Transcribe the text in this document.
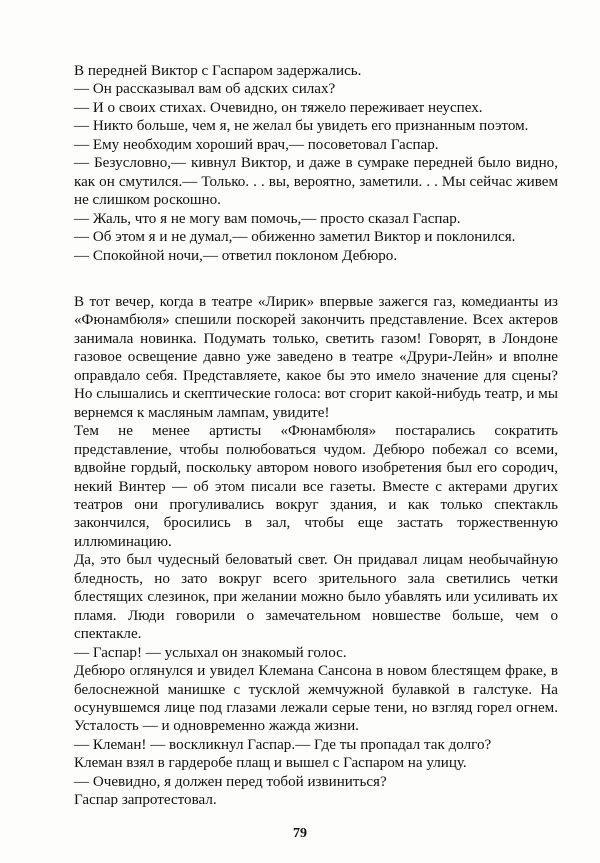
В передней Виктор с Гаспаром задержались.

— Он рассказывал вам об адских силах?

— И о своих стихах. Очевидно, он тяжело переживает неуспех.

— Никто больше, чем я, не желал бы увидеть его признанным поэтом.

— Ему необходим хороший врач,— посоветовал Гаспар.

— Безусловно,— кивнул Виктор, и даже в сумраке передней было видно, как он смутился.— Только. . . вы, вероятно, заметили. . . Мы сейчас живем не слишком роскошно.

— Жаль, что я не могу вам помочь,— просто сказал Гаспар.

— Об этом я и не думал,— обиженно заметил Виктор и поклонился.

— Спокойной ночи,— ответил поклоном Дебюро.

В тот вечер, когда в театре «Лирик» впервые зажегся газ, комедианты из «Фюнамбюля» спешили поскорей закончить представление. Всех актеров занимала новинка. Подумать только, светить газом! Говорят, в Лондоне газовое освещение давно уже заведено в театре «Друри-Лейн» и вполне оправдало себя. Представляете, какое бы это имело значение для сцены? Но слышались и скептические голоса: вот сгорит какой-нибудь театр, и мы вернемся к масляным лампам, увидите!

Тем не менее артисты «Фюнамбюля» постарались сократить представление, чтобы полюбоваться чудом. Дебюро побежал со всеми, вдвойне гордый, поскольку автором нового изобретения был его сородич, некий Винтер — об этом писали все газеты. Вместе с актерами других театров они прогуливались вокруг здания, и как только спектакль закончился, бросились в зал, чтобы еще застать торжественную иллюминацию.

Да, это был чудесный беловатый свет. Он придавал лицам необычайную бледность, но зато вокруг всего зрительного зала светились четки блестящих слезинок, при желании можно было убавлять или усиливать их пламя. Люди говорили о замечательном новшестве больше, чем о спектакле.

— Гаспар! — услыхал он знакомый голос.

Дебюро оглянулся и увидел Клемана Сансона в новом блестящем фраке, в белоснежной манишке с тусклой жемчужной булавкой в галстуке. На осунувшемся лице под глазами лежали серые тени, но взгляд горел огнем. Усталость — и одновременно жажда жизни.

— Клеман! — воскликнул Гаспар.— Где ты пропадал так долго?

Клеман взял в гардеробе плащ и вышел с Гаспаром на улицу.

— Очевидно, я должен перед тобой извиниться?

Гаспар запротестовал.

79
